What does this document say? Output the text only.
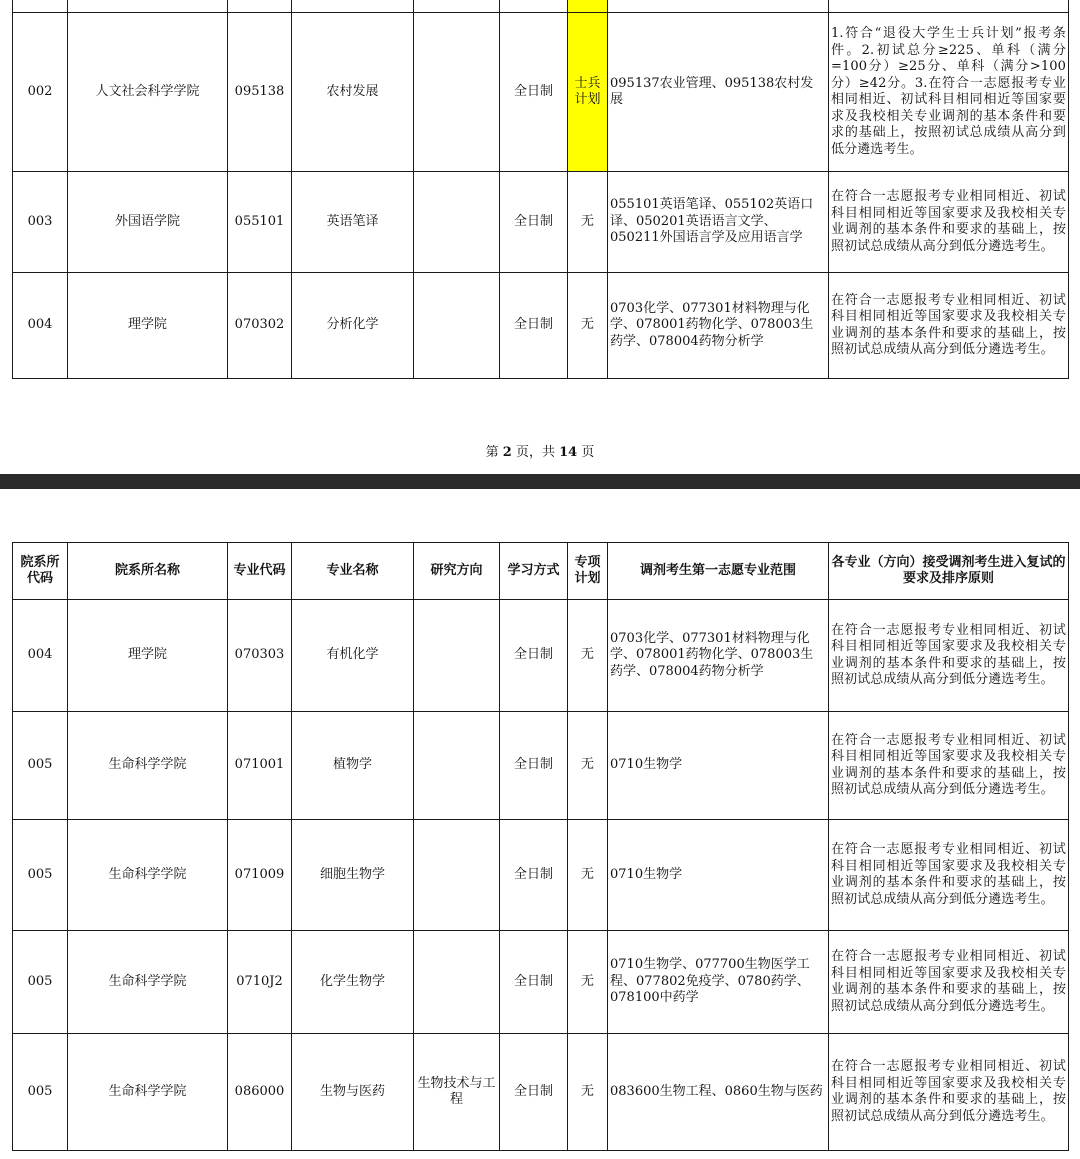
002	人文社会科学学院	095138	农村发展		全日制	士兵计划	095137农业管理、095138农村发展	1.符合“退役大学生士兵计划”报考条件。2.初试总分≥225、单科（满分=100分）≥25分、单科（满分>100分）≥42分。3.在符合一志愿报考专业相同相近、初试科目相同相近等国家要求及我校相关专业调剂的基本条件和要求的基础上，按照初试总成绩从高分到低分遴选考生。
003	外国语学院	055101	英语笔译		全日制	无	055101英语笔译、055102英语口译、050201英语语言文学、050211外国语言学及应用语言学	在符合一志愿报考专业相同相近、初试科目相同相近等国家要求及我校相关专业调剂的基本条件和要求的基础上，按照初试总成绩从高分到低分遴选考生。
004	理学院	070302	分析化学		全日制	无	0703化学、077301材料物理与化学、078001药物化学、078003生药学、078004药物分析学	在符合一志愿报考专业相同相近、初试科目相同相近等国家要求及我校相关专业调剂的基本条件和要求的基础上，按照初试总成绩从高分到低分遴选考生。
第 2 页，共 14 页
院系所代码	院系所名称	专业代码	专业名称	研究方向	学习方式	专项计划	调剂考生第一志愿专业范围	各专业（方向）接受调剂考生进入复试的要求及排序原则
004	理学院	070303	有机化学		全日制	无	0703化学、077301材料物理与化学、078001药物化学、078003生药学、078004药物分析学	在符合一志愿报考专业相同相近、初试科目相同相近等国家要求及我校相关专业调剂的基本条件和要求的基础上，按照初试总成绩从高分到低分遴选考生。
005	生命科学学院	071001	植物学		全日制	无	0710生物学	在符合一志愿报考专业相同相近、初试科目相同相近等国家要求及我校相关专业调剂的基本条件和要求的基础上，按照初试总成绩从高分到低分遴选考生。
005	生命科学学院	071009	细胞生物学		全日制	无	0710生物学	在符合一志愿报考专业相同相近、初试科目相同相近等国家要求及我校相关专业调剂的基本条件和要求的基础上，按照初试总成绩从高分到低分遴选考生。
005	生命科学学院	0710J2	化学生物学		全日制	无	0710生物学、077700生物医学工程、077802免疫学、0780药学、078100中药学	在符合一志愿报考专业相同相近、初试科目相同相近等国家要求及我校相关专业调剂的基本条件和要求的基础上，按照初试总成绩从高分到低分遴选考生。
005	生命科学学院	086000	生物与医药	生物技术与工程	全日制	无	083600生物工程、0860生物与医药	在符合一志愿报考专业相同相近、初试科目相同相近等国家要求及我校相关专业调剂的基本条件和要求的基础上，按照初试总成绩从高分到低分遴选考生。
